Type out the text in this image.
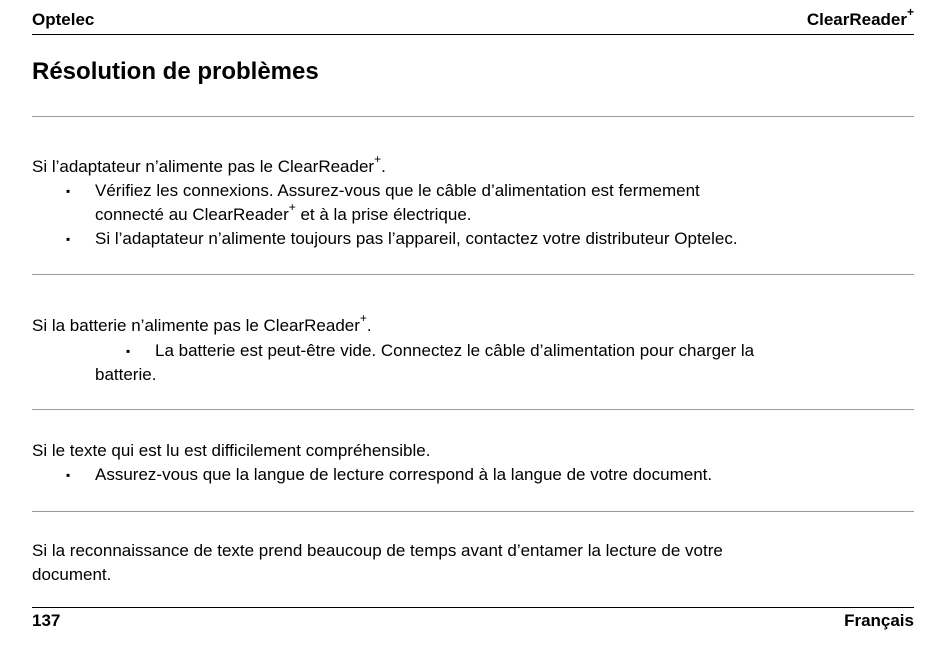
Optelec	ClearReader+
Résolution de problèmes
Si l’adaptateur n’alimente pas le ClearReader+.
▪ Vérifiez les connexions. Assurez-vous que le câble d’alimentation est fermement
connecté au ClearReader+ et à la prise électrique.
▪ Si l’adaptateur n’alimente toujours pas l’appareil, contactez votre distributeur Optelec.
Si la batterie n’alimente pas le ClearReader+.
▪ La batterie est peut-être vide. Connectez le câble d’alimentation pour charger la
batterie.
Si le texte qui est lu est difficilement compréhensible.
▪ Assurez-vous que la langue de lecture correspond à la langue de votre document.
Si la reconnaissance de texte prend beaucoup de temps avant d’entamer la lecture de votre
document.
137	Français
